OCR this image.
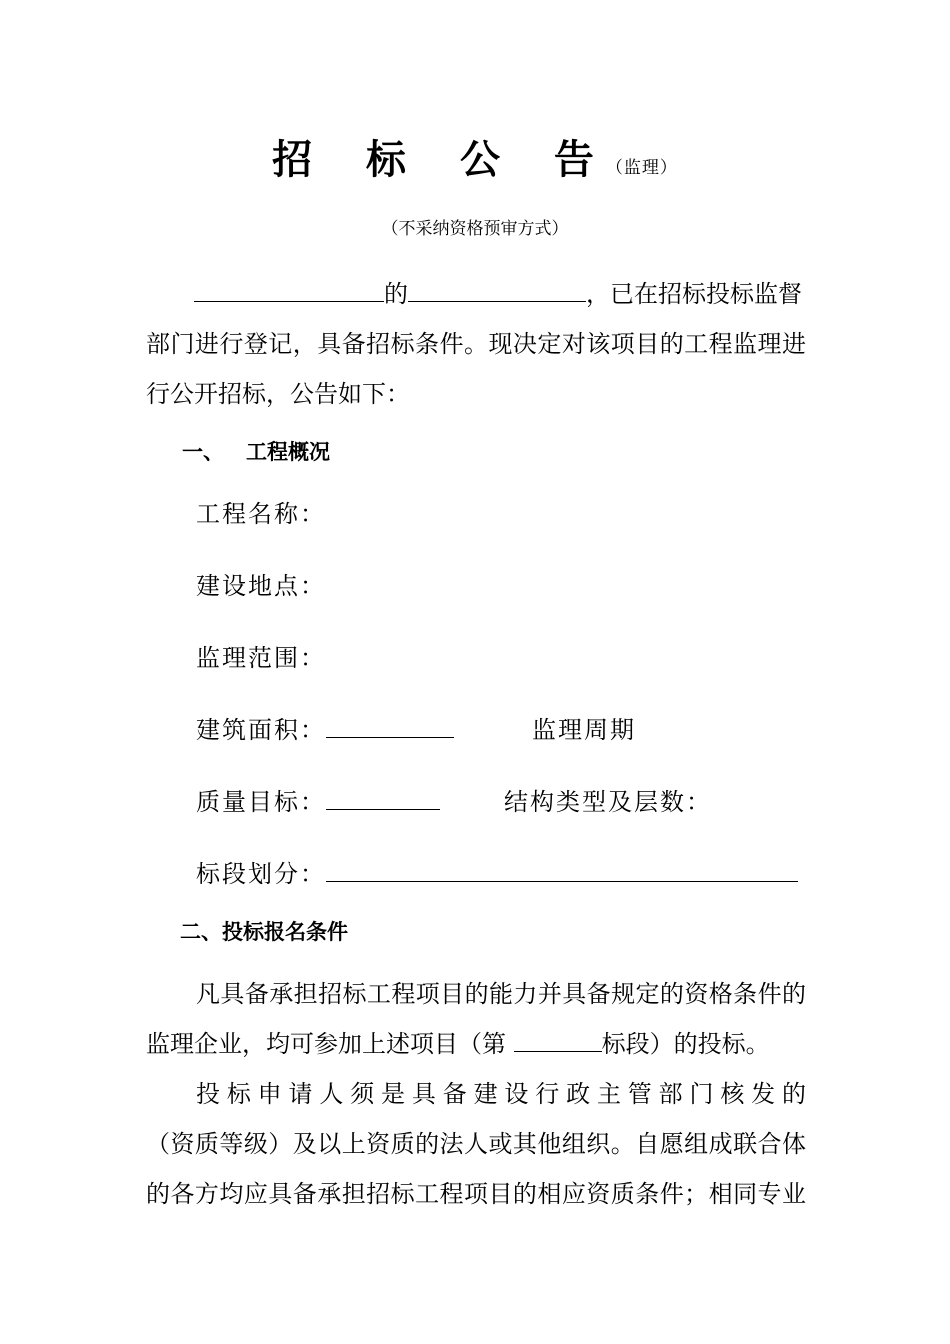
招 标 公 告（监理）
（不采纳资格预审方式）
的	，已在招标投标监督
部门进行登记，具备招标条件。现决定对该项目的工程监理进
行公开招标，公告如下：
一、 工程概况
工程名称：
建设地点：
监理范围：
建筑面积：	监理周期
质量目标：	结构类型及层数：
标段划分：
二、投标报名条件
凡具备承担招标工程项目的能力并具备规定的资格条件的
监理企业，均可参加上述项目（第	标段）的投标。
投标申请人须是具备建设行政主管部门核发的
（资质等级）及以上资质的法人或其他组织。自愿组成联合体
的各方均应具备承担招标工程项目的相应资质条件；相同专业
